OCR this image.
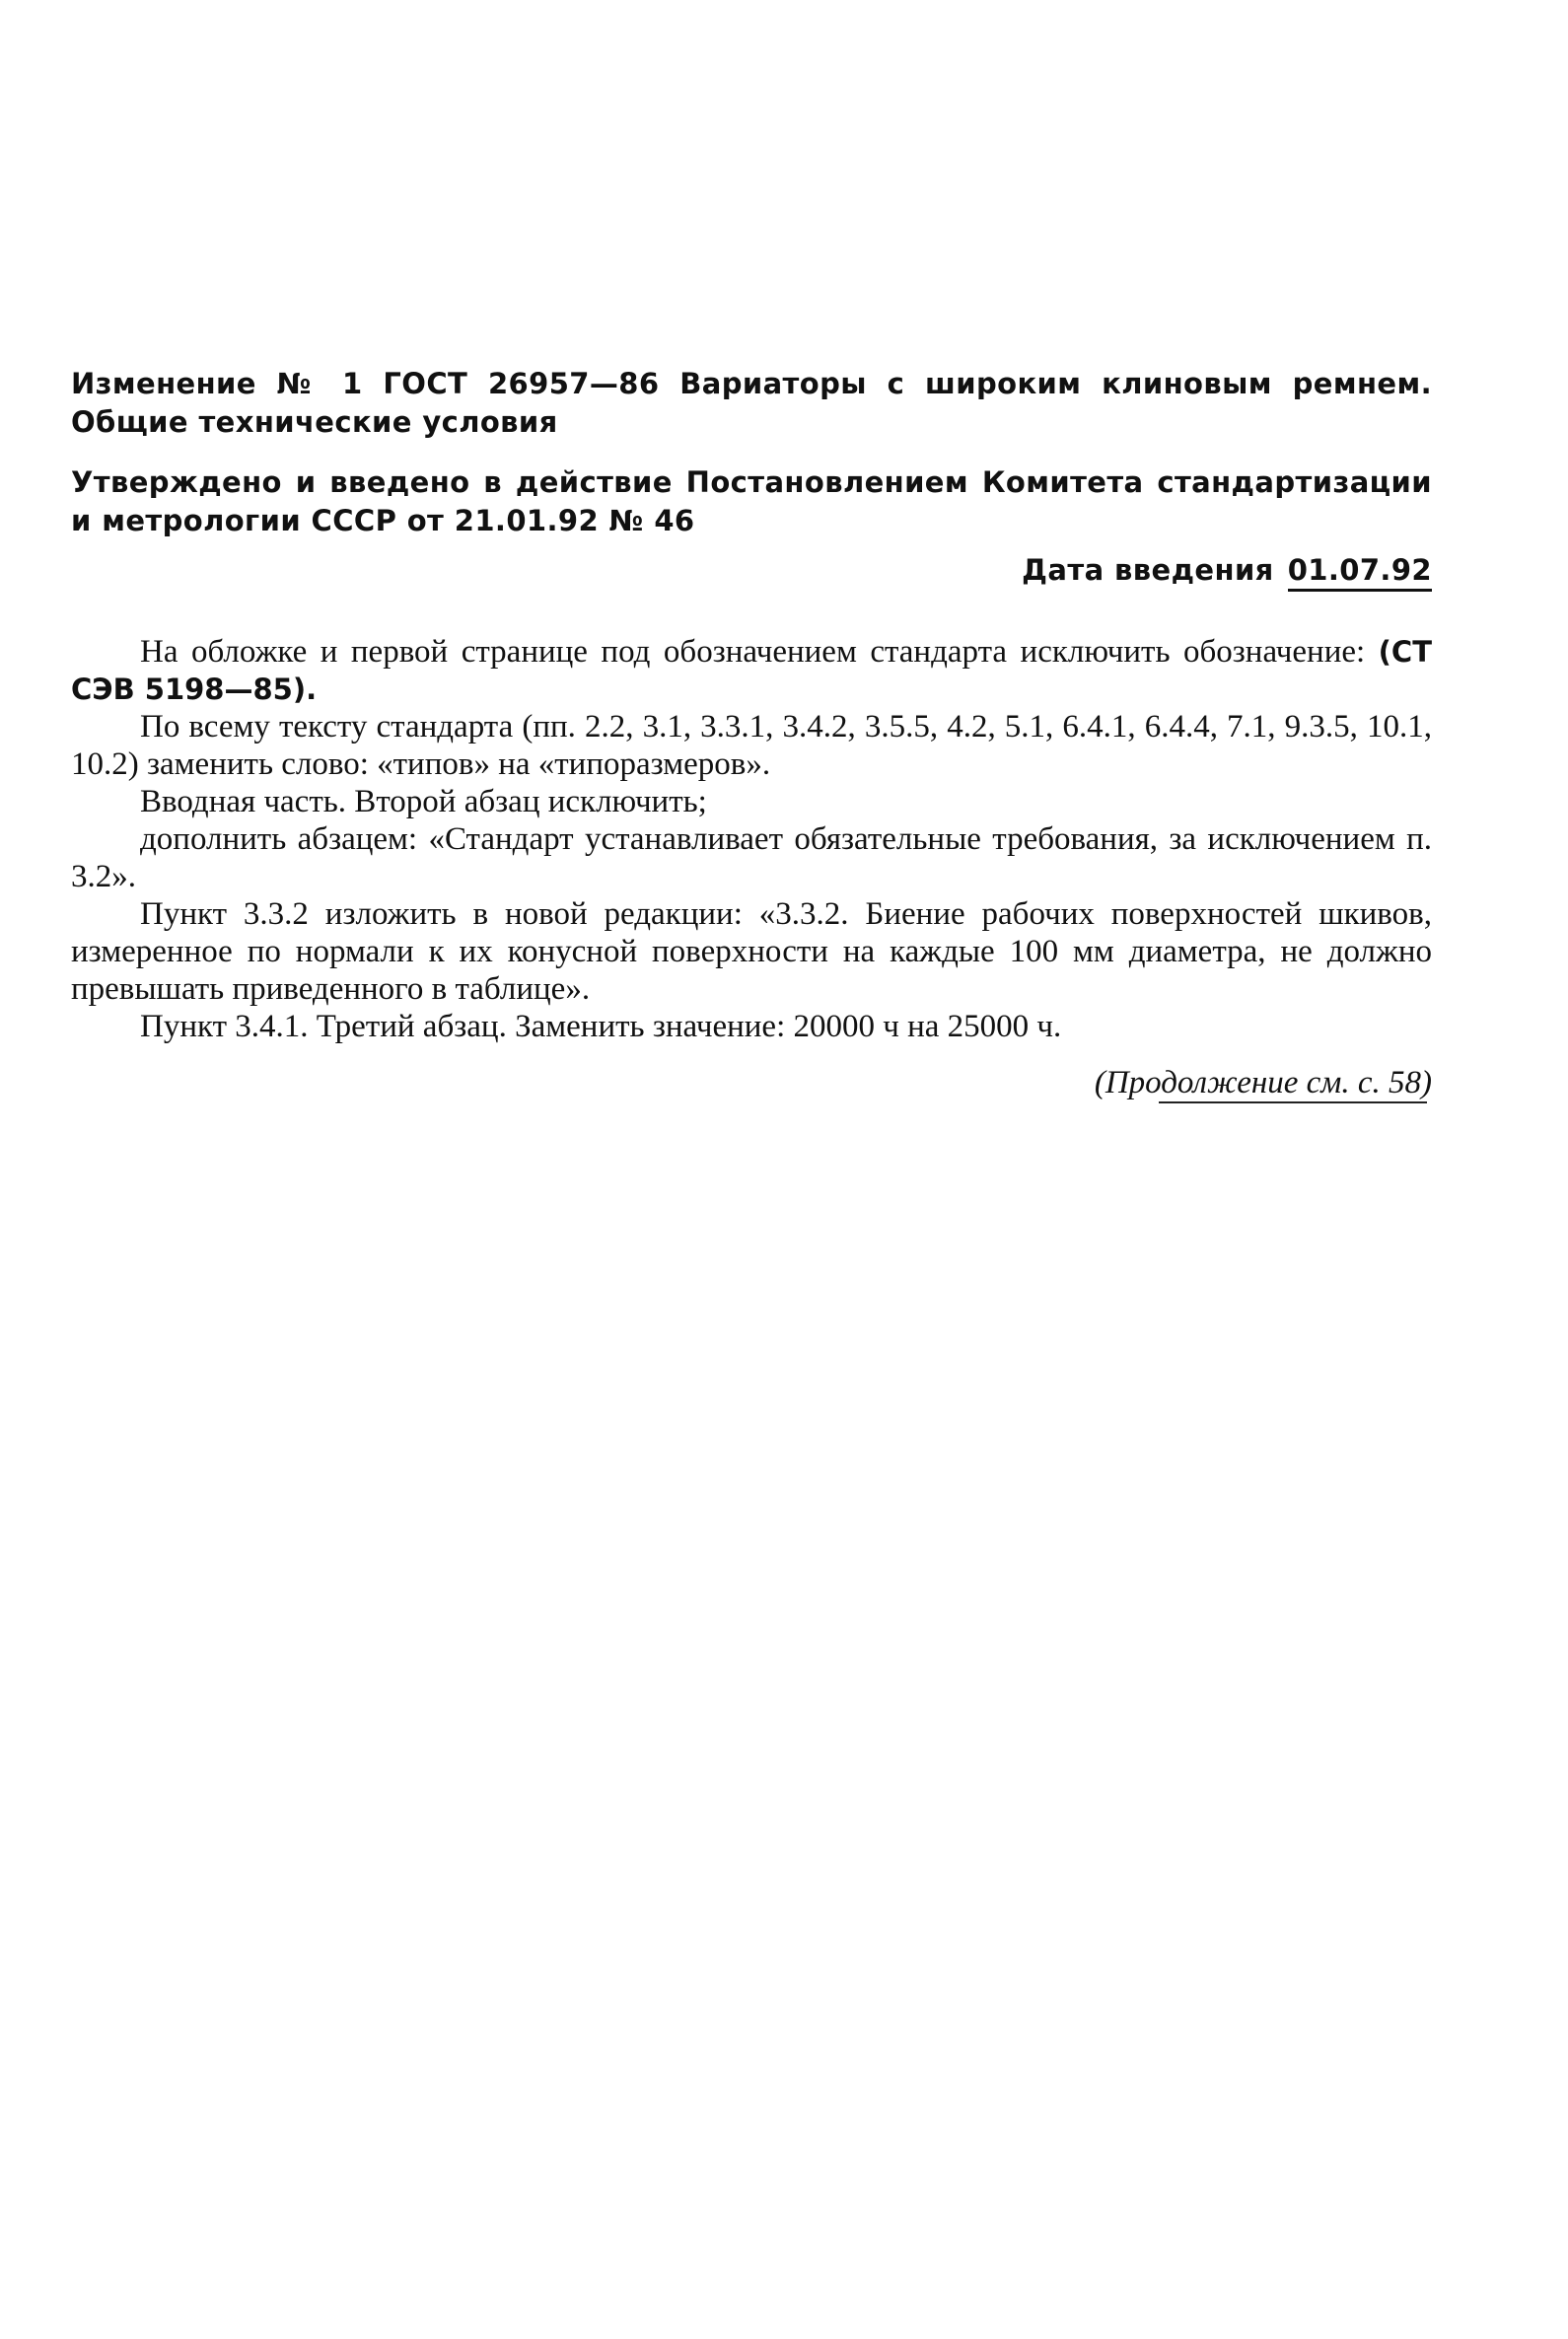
Изменение № 1 ГОСТ 26957—86 Вариаторы с широким клиновым ремнем. Общие технические условия

Утверждено и введено в действие Постановлением Комитета стандартизации и метрологии СССР от 21.01.92 № 46

Дата введения 01.07.92

На обложке и первой странице под обозначением стандарта исключить обозначение: (СТ СЭВ 5198—85).

По всему тексту стандарта (пп. 2.2, 3.1, 3.3.1, 3.4.2, 3.5.5, 4.2, 5.1, 6.4.1, 6.4.4, 7.1, 9.3.5, 10.1, 10.2) заменить слово: «типов» на «типоразмеров».

Вводная часть. Второй абзац исключить;

дополнить абзацем: «Стандарт устанавливает обязательные требования, за исключением п. 3.2».

Пункт 3.3.2 изложить в новой редакции: «3.3.2. Биение рабочих поверхностей шкивов, измеренное по нормали к их конусной поверхности на каждые 100 мм диаметра, не должно превышать приведенного в таблице».

Пункт 3.4.1. Третий абзац. Заменить значение: 20000 ч на 25000 ч.

(Продолжение см. с. 58)
